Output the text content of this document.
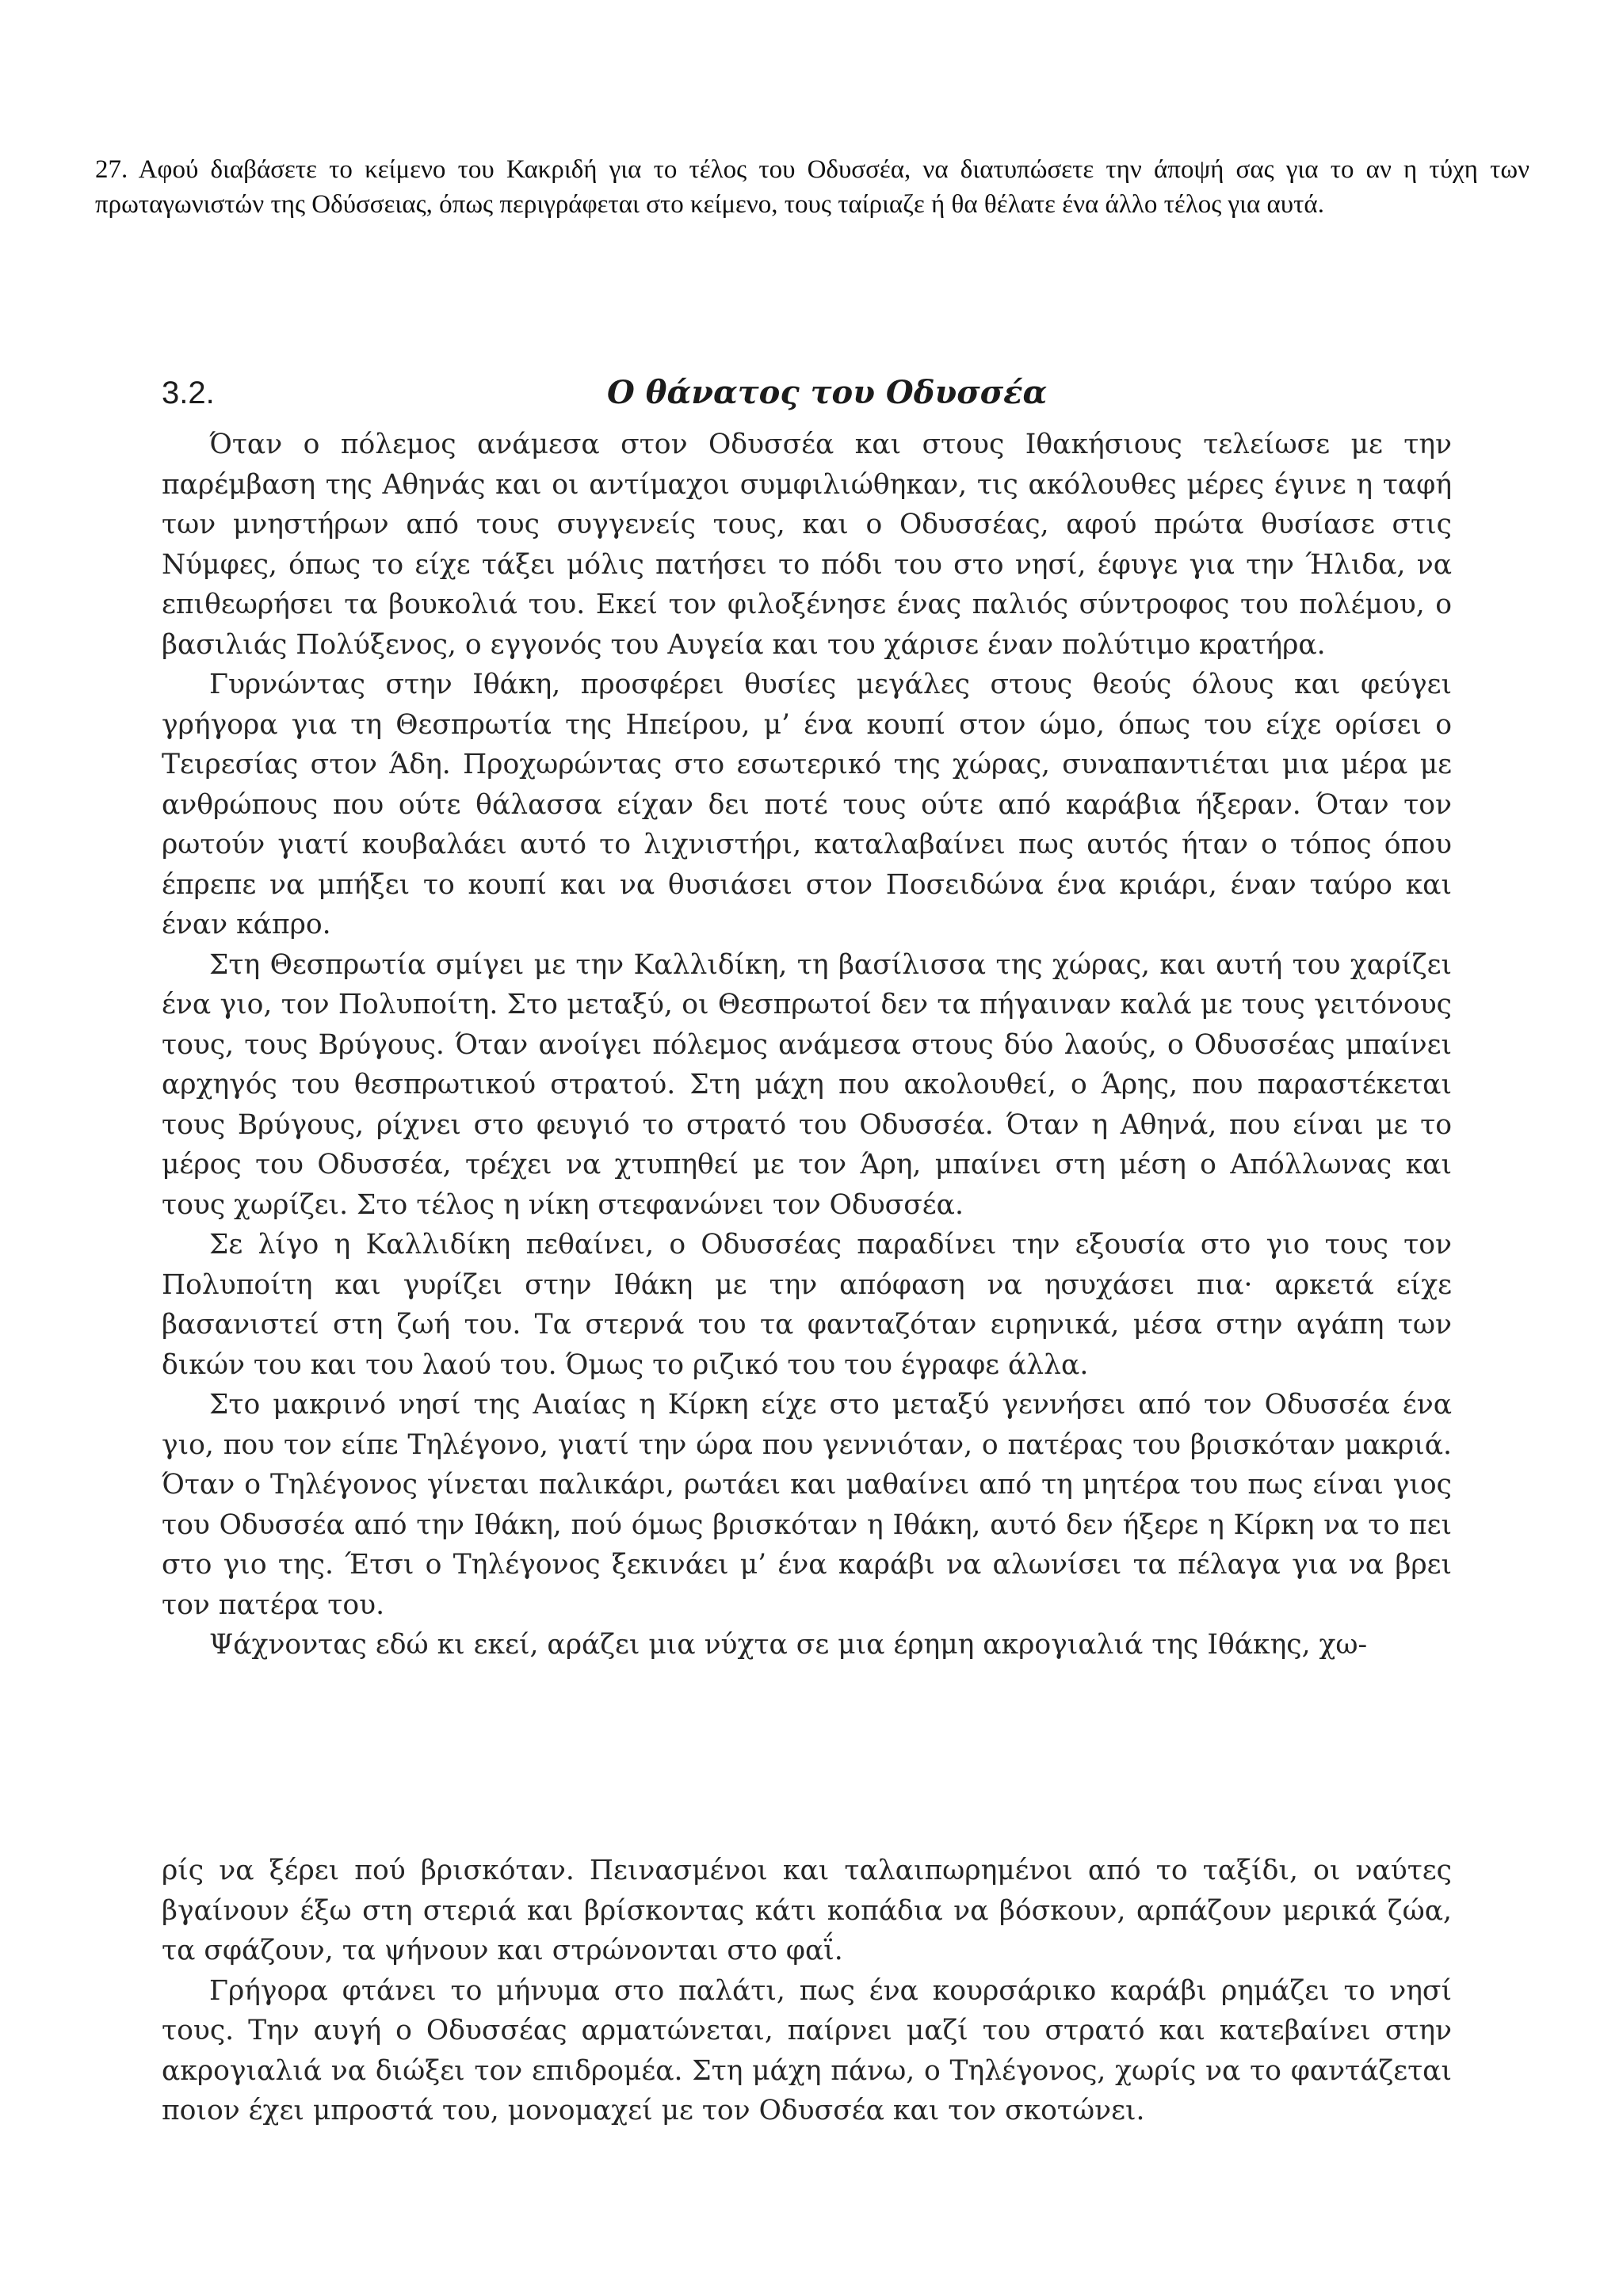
27. Αφού διαβάσετε το κείμενο του Κακριδή για το τέλος του Οδυσσέα, να διατυπώσετε την άποψή σας για το αν η τύχη των πρωταγωνιστών της Οδύσσειας, όπως περιγράφεται στο κείμενο, τους ταίριαζε ή θα θέλατε ένα άλλο τέλος για αυτά.

3.2.	Ο θάνατος του Οδυσσέα

Όταν ο πόλεμος ανάμεσα στον Οδυσσέα και στους Ιθακήσιους τελείωσε με την παρέμβαση της Αθηνάς και οι αντίμαχοι συμφιλιώθηκαν, τις ακόλουθες μέρες έγινε η ταφή των μνηστήρων από τους συγγενείς τους, και ο Οδυσσέας, αφού πρώτα θυσίασε στις Νύμφες, όπως το είχε τάξει μόλις πατήσει το πόδι του στο νησί, έφυγε για την Ήλιδα, να επιθεωρήσει τα βουκολιά του. Εκεί τον φιλοξένησε ένας παλιός σύντροφος του πολέμου, ο βασιλιάς Πολύξενος, ο εγγονός του Αυγεία και του χάρισε έναν πολύτιμο κρατήρα.

Γυρνώντας στην Ιθάκη, προσφέρει θυσίες μεγάλες στους θεούς όλους και φεύγει γρήγορα για τη Θεσπρωτία της Ηπείρου, μ’ ένα κουπί στον ώμο, όπως του είχε ορίσει ο Τειρεσίας στον Άδη. Προχωρώντας στο εσωτερικό της χώρας, συναπαντιέται μια μέρα με ανθρώπους που ούτε θάλασσα είχαν δει ποτέ τους ούτε από καράβια ήξεραν. Όταν τον ρωτούν γιατί κουβαλάει αυτό το λιχνιστήρι, καταλαβαίνει πως αυτός ήταν ο τόπος όπου έπρεπε να μπήξει το κουπί και να θυσιάσει στον Ποσειδώνα ένα κριάρι, έναν ταύρο και έναν κάπρο.

Στη Θεσπρωτία σμίγει με την Καλλιδίκη, τη βασίλισσα της χώρας, και αυτή του χαρίζει ένα γιο, τον Πολυποίτη. Στο μεταξύ, οι Θεσπρωτοί δεν τα πήγαιναν καλά με τους γειτόνους τους, τους Βρύγους. Όταν ανοίγει πόλεμος ανάμεσα στους δύο λαούς, ο Οδυσσέας μπαίνει αρχηγός του θεσπρωτικού στρατού. Στη μάχη που ακολουθεί, ο Άρης, που παραστέκεται τους Βρύγους, ρίχνει στο φευγιό το στρατό του Οδυσσέα. Όταν η Αθηνά, που είναι με το μέρος του Οδυσσέα, τρέχει να χτυπηθεί με τον Άρη, μπαίνει στη μέση ο Απόλλωνας και τους χωρίζει. Στο τέλος η νίκη στεφανώνει τον Οδυσσέα.

Σε λίγο η Καλλιδίκη πεθαίνει, ο Οδυσσέας παραδίνει την εξουσία στο γιο τους τον Πολυποίτη και γυρίζει στην Ιθάκη με την απόφαση να ησυχάσει πια· αρκετά είχε βασανιστεί στη ζωή του. Τα στερνά του τα φανταζόταν ειρηνικά, μέσα στην αγάπη των δικών του και του λαού του. Όμως το ριζικό του του έγραφε άλλα.

Στο μακρινό νησί της Αιαίας η Κίρκη είχε στο μεταξύ γεννήσει από τον Οδυσσέα ένα γιο, που τον είπε Τηλέγονο, γιατί την ώρα που γεννιόταν, ο πατέρας του βρισκόταν μακριά. Όταν ο Τηλέγονος γίνεται παλικάρι, ρωτάει και μαθαίνει από τη μητέρα του πως είναι γιος του Οδυσσέα από την Ιθάκη, πού όμως βρισκόταν η Ιθάκη, αυτό δεν ήξερε η Κίρκη να το πει στο γιο της. Έτσι ο Τηλέγονος ξεκινάει μ’ ένα καράβι να αλωνίσει τα πέλαγα για να βρει τον πατέρα του.

Ψάχνοντας εδώ κι εκεί, αράζει μια νύχτα σε μια έρημη ακρογιαλιά της Ιθάκης, χω-

ρίς να ξέρει πού βρισκόταν. Πεινασμένοι και ταλαιπωρημένοι από το ταξίδι, οι ναύτες βγαίνουν έξω στη στεριά και βρίσκοντας κάτι κοπάδια να βόσκουν, αρπάζουν μερικά ζώα, τα σφάζουν, τα ψήνουν και στρώνονται στο φαΐ.

Γρήγορα φτάνει το μήνυμα στο παλάτι, πως ένα κουρσάρικο καράβι ρημάζει το νησί τους. Την αυγή ο Οδυσσέας αρματώνεται, παίρνει μαζί του στρατό και κατεβαίνει στην ακρογιαλιά να διώξει τον επιδρομέα. Στη μάχη πάνω, ο Τηλέγονος, χωρίς να το φαντάζεται ποιον έχει μπροστά του, μονομαχεί με τον Οδυσσέα και τον σκοτώνει.
